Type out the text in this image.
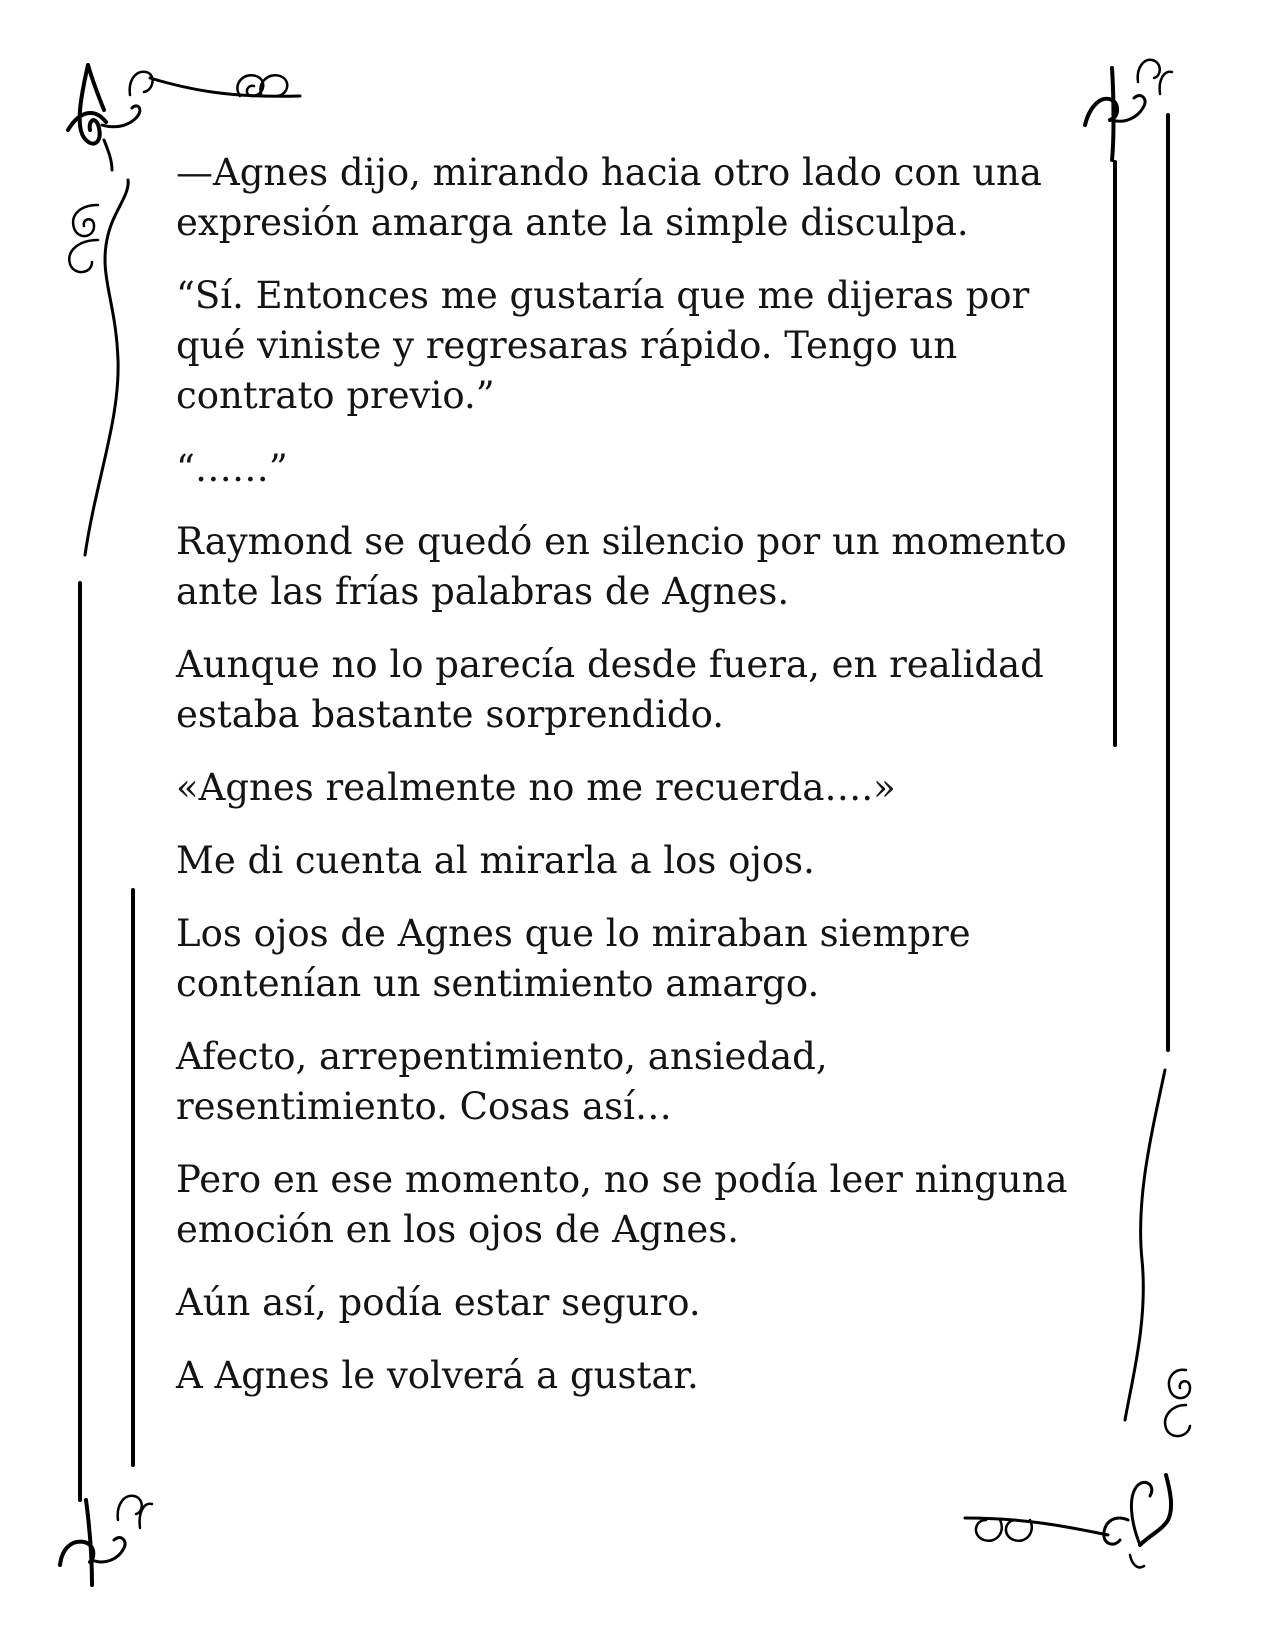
—Agnes dijo, mirando hacia otro lado con una
expresión amarga ante la simple disculpa.

“Sí. Entonces me gustaría que me dijeras por
qué viniste y regresaras rápido. Tengo un
contrato previo.”

“……”

Raymond se quedó en silencio por un momento
ante las frías palabras de Agnes.

Aunque no lo parecía desde fuera, en realidad
estaba bastante sorprendido.

«Agnes realmente no me recuerda….»

Me di cuenta al mirarla a los ojos.

Los ojos de Agnes que lo miraban siempre
contenían un sentimiento amargo.

Afecto, arrepentimiento, ansiedad,
resentimiento. Cosas así…

Pero en ese momento, no se podía leer ninguna
emoción en los ojos de Agnes.

Aún así, podía estar seguro.

A Agnes le volverá a gustar.
